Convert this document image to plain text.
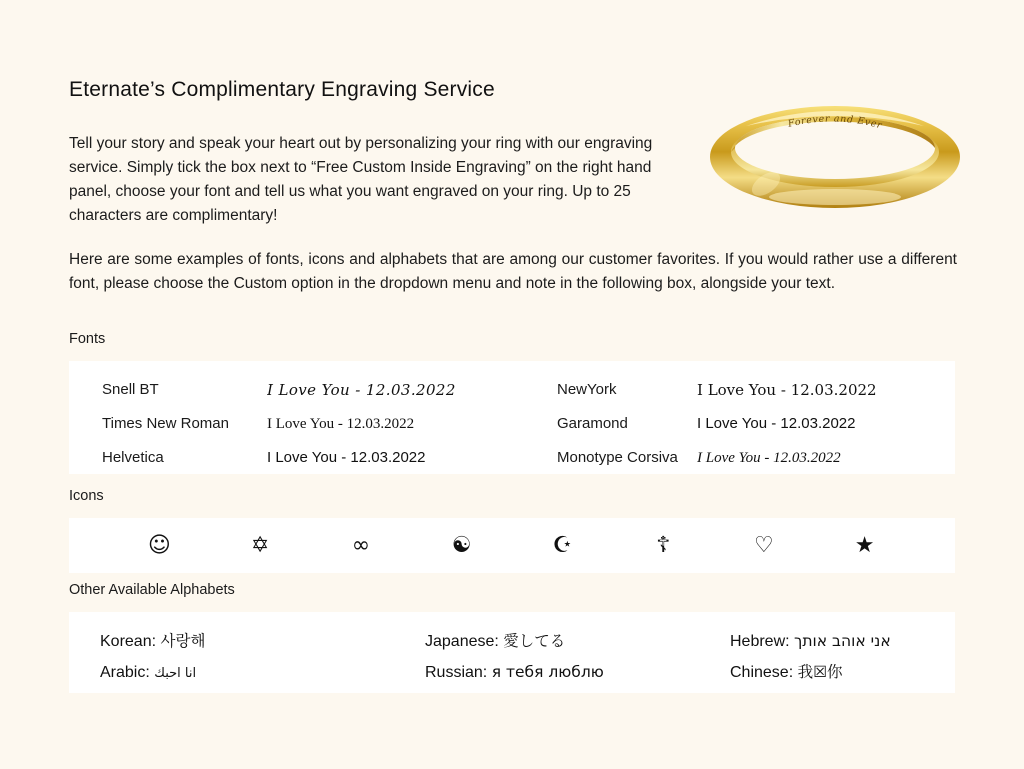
Eternate’s Complimentary Engraving Service

Tell your story and speak your heart out by personalizing your ring with our engraving service. Simply tick the box next to “Free Custom Inside Engraving” on the right hand panel, choose your font and tell us what you want engraved on your ring. Up to 25 characters are complimentary!

Here are some examples of fonts, icons and alphabets that are among our customer favorites. If you would rather use a different font, please choose the Custom option in the dropdown menu and note in the following box, alongside your text.

Forever and Ever
Fonts
Snell BT	I Love You - 12.03.2022	NewYork	I Love You - 12.03.2022
Times New Roman	I Love You - 12.03.2022	Garamond	I Love You - 12.03.2022
Helvetica	I Love You - 12.03.2022	Monotype Corsiva	I Love You - 12.03.2022
Icons
☺	✡	∞	☯	☪	☦	♡	★
Other Available Alphabets
Korean: 사랑해	Japanese: 愛してる	Hebrew: אני אוהב אותך
Arabic: انا احبك	Russian: я тебя люблю	Chinese: 我☒你
